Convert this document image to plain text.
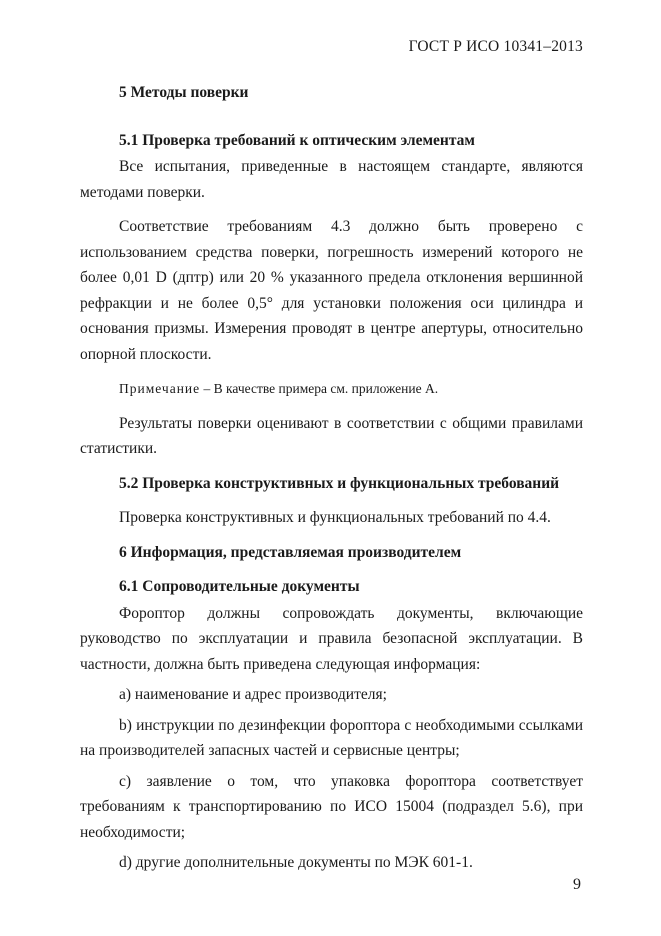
ГОСТ Р ИСО 10341–2013

5 Методы поверки

5.1 Проверка требований к оптическим элементам

Все испытания, приведенные в настоящем стандарте, являются методами поверки.

Соответствие требованиям 4.3 должно быть проверено с использованием средства поверки, погрешность измерений которого не более 0,01 D (дптр) или 20 % указанного предела отклонения вершинной рефракции и не более 0,5° для установки положения оси цилиндра и основания призмы. Измерения проводят в центре апертуры, относительно опорной плоскости.

Примечание – В качестве примера см. приложение А.

Результаты поверки оценивают в соответствии с общими правилами статистики.

5.2 Проверка конструктивных и функциональных требований

Проверка конструктивных и функциональных требований по 4.4.

6 Информация, представляемая производителем

6.1 Сопроводительные документы

Фороптор должны сопровождать документы, включающие руководство по эксплуатации и правила безопасной эксплуатации. В частности, должна быть приведена следующая информация:

a) наименование и адрес производителя;

b) инструкции по дезинфекции фороптора с необходимыми ссылками на производителей запасных частей и сервисные центры;

c) заявление о том, что упаковка фороптора соответствует требованиям к транспортированию по ИСО 15004 (подраздел 5.6), при необходимости;

d) другие дополнительные документы по МЭК 601-1.

9
